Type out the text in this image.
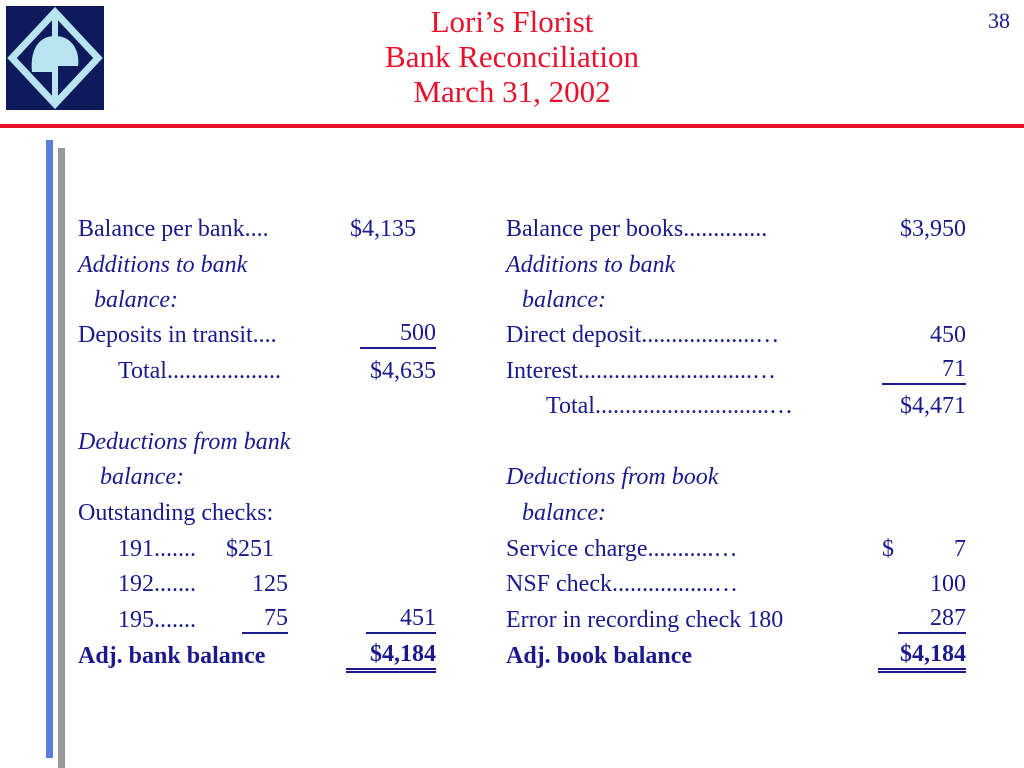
38
Lori’s Florist
Bank Reconciliation
March 31, 2002
Balance per bank....	$4,135
Additions to bank
balance:
Deposits in transit....	500
Total...................	$4,635
Deductions from bank
balance:
Outstanding checks:
191....... $251
192.......	125
195.......	75	451
Adj. bank balance	$4,184
Balance per books..............	$3,950
Additions to bank
balance:
Direct deposit...................…	450
Interest.............................…	71
Total.............................…	$4,471
Deductions from book
balance:
Service charge...........…	$	7
NSF check.................…	100
Error in recording check 180	287
Adj. book balance	$4,184
